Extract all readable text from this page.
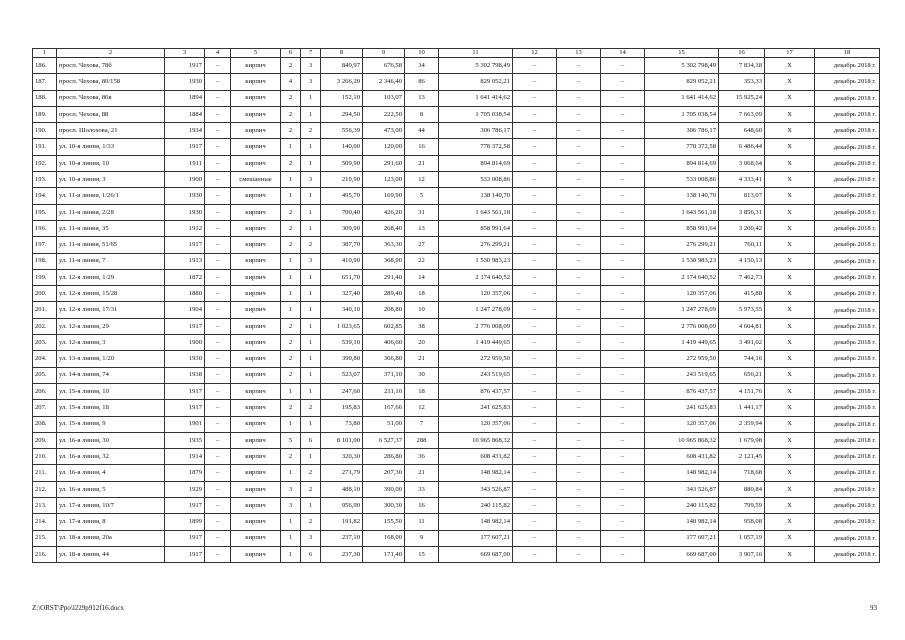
1	2	3	4	5	6	7	8	9	10	11	12	13	14	15	16	17	18
186.	просп. Чехова, 78б	1917	–	кирпич	2	3	849,97	676,58	34	5 302 798,49	–	–	–	5 302 798,49	7 834,18	X	декабрь 2018 г.
187.	просп. Чехова, 80/158	1930	–	кирпич	4	3	3 266,20	2 346,40	86	829 052,21	–	–	–	829 052,21	353,33	X	декабрь 2018 г.
188.	просп. Чехова, 86в	1894	–	кирпич	2	1	152,10	103,07	13	1 641 414,62	–	–	–	1 641 414,62	15 925,24	X	декабрь 2018 г.
189.	просп. Чехова, 88	1884	–	кирпич	2	1	294,50	222,50	8	1 705 038,54	–	–	–	1 705 038,54	7 663,09	X	декабрь 2018 г.
190.	просп. Шолохова, 21	1934	–	кирпич	2	2	556,39	473,00	44	306 786,17	–	–	–	306 786,17	648,60	X	декабрь 2018 г.
191.	ул. 10-я линия, 1/33	1917	–	кирпич	1	1	140,00	120,00	16	778 372,58	–	–	–	778 372,58	6 486,44	X	декабрь 2018 г.
192.	ул. 10-я линия, 10	1911	–	кирпич	2	1	509,90	291,60	21	894 814,69	–	–	–	894 814,69	3 068,64	X	декабрь 2018 г.
193.	ул. 10-я линия, 3	1900	–	смешанные	1	3	210,90	123,00	12	533 008,86	–	–	–	533 008,86	4 333,41	X	декабрь 2018 г.
194.	ул. 11-я линия, 1/26/1	1930	–	кирпич	1	1	495,70	169,90	5	138 140,70	–	–	–	138 140,70	813,07	X	декабрь 2018 г.
195.	ул. 11-я линия, 2/28	1930	–	кирпич	2	1	700,40	426,20	31	1 643 561,18	–	–	–	1 643 561,18	3 856,31	X	декабрь 2018 г.
196.	ул. 11-я линия, 35	1912	–	кирпич	2	1	309,90	268,40	13	858 991,64	–	–	–	858 991,64	3 200,42	X	декабрь 2018 г.
197.	ул. 11-я линия, 51/65	1917	–	кирпич	2	2	387,70	363,30	27	276 299,21	–	–	–	276 299,21	760,11	X	декабрь 2018 г.
198.	ул. 11-я линия, 7	1913	–	кирпич	1	3	410,90	368,90	22	1 530 983,23	–	–	–	1 530 983,23	4 150,13	X	декабрь 2018 г.
199.	ул. 12-я линия, 1/29	1872	–	кирпич	1	1	651,70	291,40	14	2 174 640,52	–	–	–	2 174 640,52	7 462,73	X	декабрь 2018 г.
200.	ул. 12-я линия, 15/28	1880	–	кирпич	1	1	327,40	289,40	18	120 357,06	–	–	–	120 357,06	415,88	X	декабрь 2018 г.
201.	ул. 12-я линия, 17/31	1904	–	кирпич	1	1	340,10	208,80	10	1 247 278,09	–	–	–	1 247 278,09	5 973,55	X	декабрь 2018 г.
202.	ул. 12-я линия, 29	1917	–	кирпич	2	1	1 023,65	602,85	38	2 776 008,09	–	–	–	2 776 008,09	4 604,81	X	декабрь 2018 г.
203.	ул. 12-я линия, 3	1900	–	кирпич	2	1	539,10	406,60	20	1 419 449,65	–	–	–	1 419 449,65	3 491,02	X	декабрь 2018 г.
204.	ул. 13-я линия, 1/20	1930	–	кирпич	2	1	390,80	366,80	21	272 959,50	–	–	–	272 959,50	744,16	X	декабрь 2018 г.
205.	ул. 14-я линия, 74	1938	–	кирпич	2	1	523,07	371,10	30	243 519,65	–	–	–	243 519,65	656,21	X	декабрь 2018 г.
206.	ул. 15-я линия, 10	1917	–	кирпич	1	1	247,60	211,10	18	876 437,57	–	–	–	876 437,57	4 151,76	X	декабрь 2018 г.
207.	ул. 15-я линия, 18	1917	–	кирпич	2	2	195,83	167,66	12	241 625,83	–	–	–	241 625,83	1 441,17	X	декабрь 2018 г.
208.	ул. 15-я линия, 9	1901	–	кирпич	1	1	73,80	51,00	7	120 357,06	–	–	–	120 357,06	2 359,94	X	декабрь 2018 г.
209.	ул. 16-я линия, 30	1935	–	кирпич	5	6	8 101,00	6 527,37	288	10 965 868,32	–	–	–	10 965 868,32	1 679,98	X	декабрь 2018 г.
210.	ул. 16-я линия, 32	1914	–	кирпич	2	1	320,30	286,80	36	608 431,82	–	–	–	608 431,82	2 121,45	X	декабрь 2018 г.
211.	ул. 16-я линия, 4	1879	–	кирпич	1	2	271,79	207,30	21	148 982,14	–	–	–	148 982,14	718,68	X	декабрь 2018 г.
212.	ул. 16-я линия, 5	1929	–	кирпич	3	2	488,10	390,00	33	343 526,87	–	–	–	343 526,87	880,84	X	декабрь 2018 г.
213.	ул. 17-я линия, 10/7	1917	–	кирпич	3	1	956,90	300,30	16	240 115,82	–	–	–	240 115,82	799,59	X	декабрь 2018 г.
214.	ул. 17-я линия, 8	1899	–	кирпич	1	2	191,82	155,50	11	148 982,14	–	–	–	148 982,14	958,08	X	декабрь 2018 г.
215.	ул. 18-я линия, 20а	1917	–	кирпич	1	3	237,10	168,00	9	177 607,21	–	–	–	177 607,21	1 057,19	X	декабрь 2018 г.
216.	ул. 18-я линия, 44	1917	–	кирпич	1	6	237,30	171,40	15	669 687,00	–	–	–	669 687,00	3 907,16	X	декабрь 2018 г.
Z:\ORST\Ppo\l229p912f16.docx	93
